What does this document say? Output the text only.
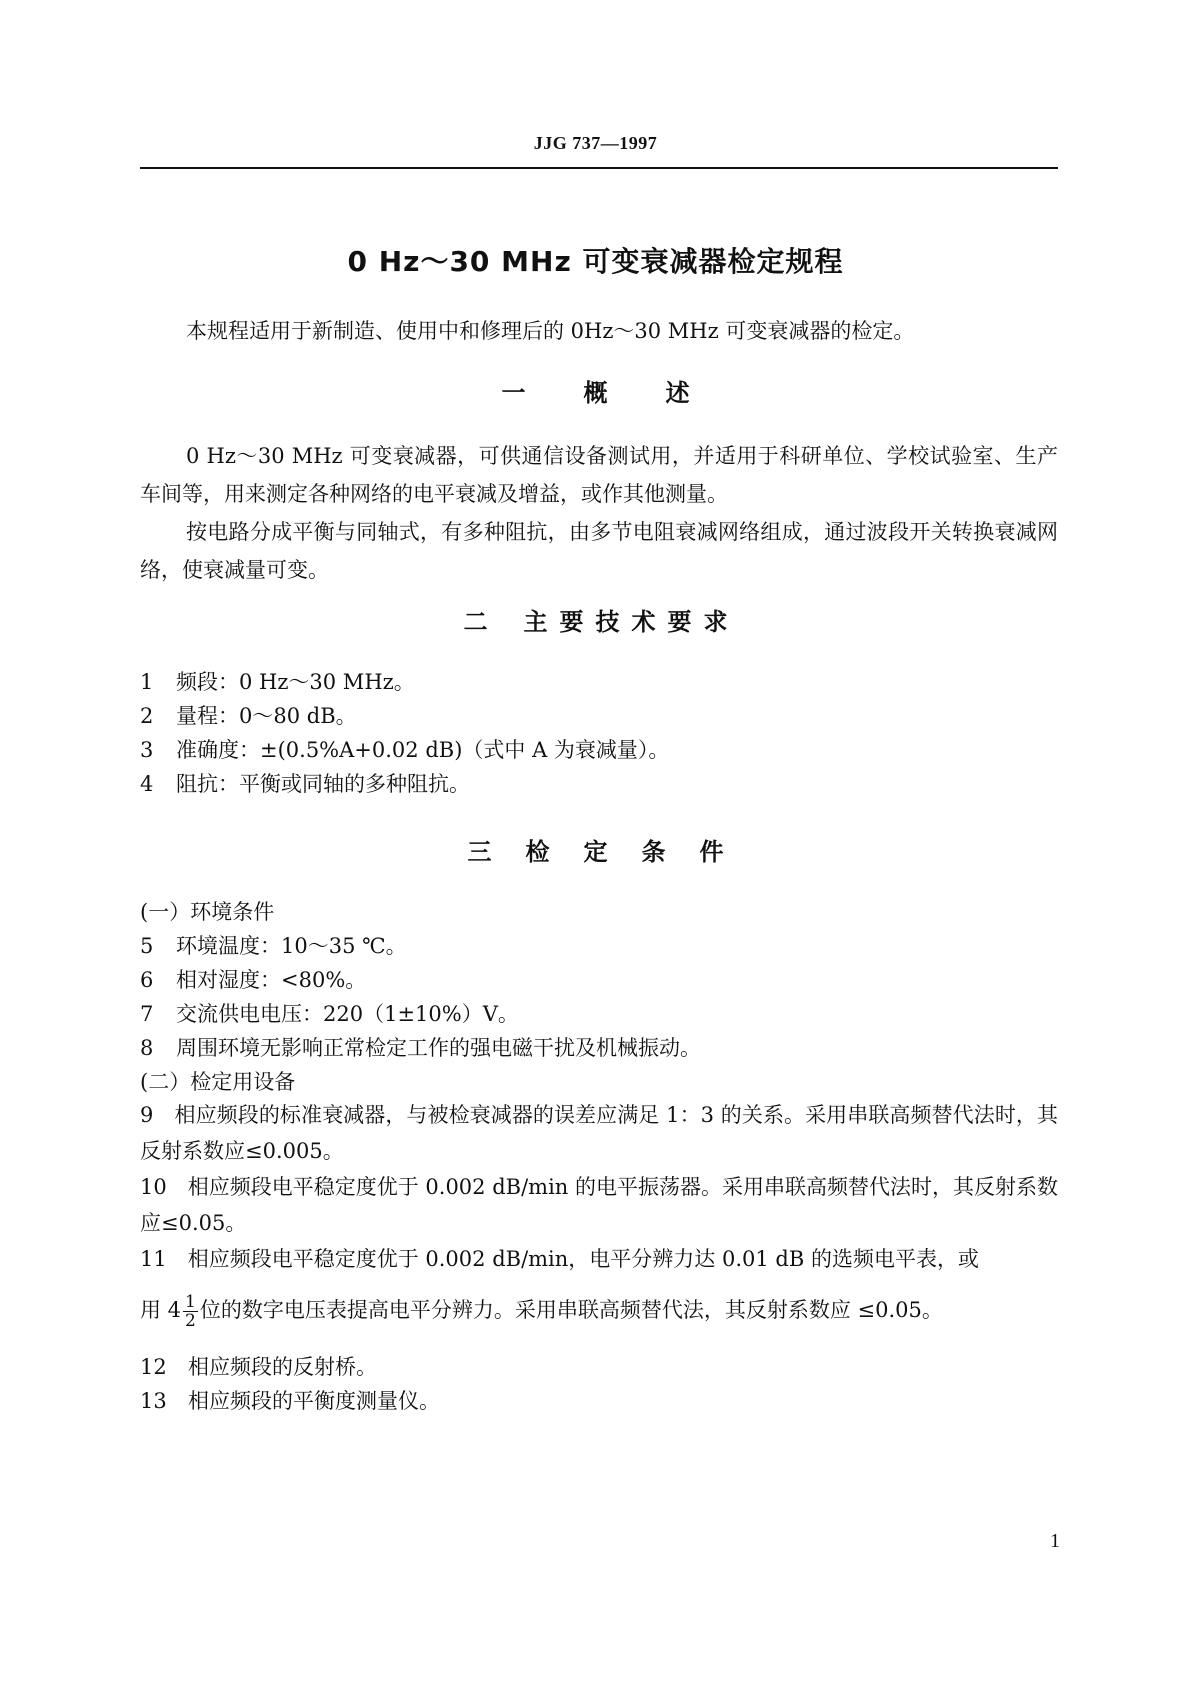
JJG 737—1997
0 Hz～30 MHz 可变衰减器检定规程
本规程适用于新制造、使用中和修理后的 0Hz～30 MHz 可变衰减器的检定。
一 概 述
0 Hz～30 MHz 可变衰减器，可供通信设备测试用，并适用于科研单位、学校试验室、生产车间等，用来测定各种网络的电平衰减及增益，或作其他测量。
按电路分成平衡与同轴式，有多种阻抗，由多节电阻衰减网络组成，通过波段开关转换衰减网络，使衰减量可变。
二 主 要 技 术 要 求
1 频段：0 Hz～30 MHz。
2 量程：0～80 dB。
3 准确度：±(0.5%A+0.02 dB)（式中 A 为衰减量）。
4 阻抗：平衡或同轴的多种阻抗。
三 检 定 条 件
(一）环境条件
5 环境温度：10～35 ℃。
6 相对湿度：<80%。
7 交流供电电压：220（1±10%）V。
8 周围环境无影响正常检定工作的强电磁干扰及机械振动。
(二）检定用设备
9　相应频段的标准衰减器，与被检衰减器的误差应满足 1：3 的关系。采用串联高频替代法时，其反射系数应≤0.005。
10　相应频段电平稳定度优于 0.002 dB/min 的电平振荡器。采用串联高频替代法时，其反射系数应≤0.05。
11　相应频段电平稳定度优于 0.002 dB/min，电平分辨力达 0.01 dB 的选频电平表，或
用 $4 \frac{1}{2}$ 位的数字电压表提高电平分辨力。采用串联高频替代法，其反射系数应 ≤0.05。
12 相应频段的反射桥。
13 相应频段的平衡度测量仪。
1
